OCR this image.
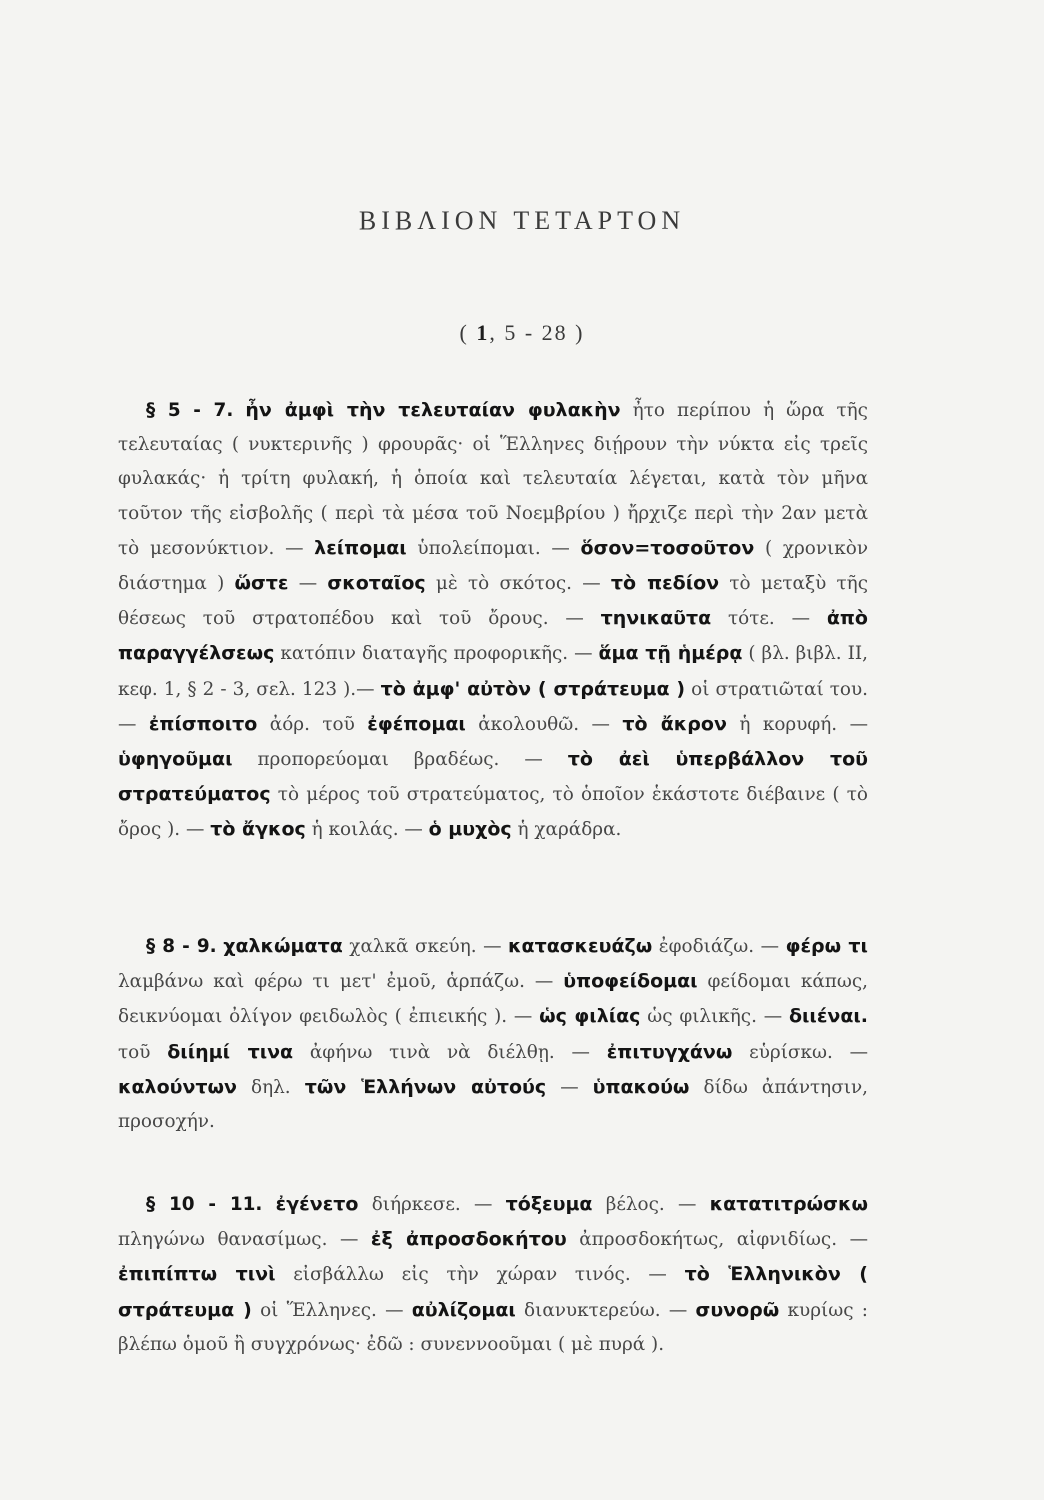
ΒΙΒΛΙΟΝ ΤΕΤΑΡΤΟΝ
( 1, 5 - 28 )

§ 5 - 7. ἦν ἀμφὶ τὴν τελευταίαν φυλακὴν ἦτο περίπου ἡ ὥρα τῆς τελευταίας ( νυκτερινῆς ) φρουρᾶς· οἱ Ἕλληνες διῄρουν τὴν νύκτα εἰς τρεῖς φυλακάς· ἡ τρίτη φυλακή, ἡ ὁποία καὶ τελευταία λέγεται, κατὰ τὸν μῆνα τοῦτον τῆς εἰσβολῆς ( περὶ τὰ μέσα τοῦ Νοεμβρίου ) ἤρχιζε περὶ τὴν 2αν μετὰ τὸ μεσονύκτιον. — λείπομαι ὑπολείπομαι. — ὅσον=τοσοῦτον ( χρονικὸν διάστημα ) ὥστε — σκοταῖος μὲ τὸ σκότος. — τὸ πεδίον τὸ μεταξὺ τῆς θέσεως τοῦ στρατοπέδου καὶ τοῦ ὄρους. — τηνικαῦτα τότε. — ἀπὸ παραγγέλσεως κατόπιν διαταγῆς προφορικῆς. — ἅμα τῇ ἡμέρᾳ ( βλ. βιβλ. II, κεφ. 1, § 2 - 3, σελ. 123 ).— τὸ ἀμφ' αὐτὸν ( στράτευμα ) οἱ στρατιῶταί του. — ἐπίσποιτο ἀόρ. τοῦ ἐφέπομαι ἀκολουθῶ. — τὸ ἄκρον ἡ κορυφή. — ὑφηγοῦμαι προπορεύομαι βραδέως. — τὸ ἀεὶ ὑπερβάλλον τοῦ στρατεύματος τὸ μέρος τοῦ στρατεύματος, τὸ ὁποῖον ἑκάστοτε διέβαινε ( τὸ ὄρος ). — τὸ ἄγκος ἡ κοιλάς. — ὁ μυχὸς ἡ χαράδρα.

§ 8 - 9. χαλκώματα χαλκᾶ σκεύη. — κατασκευάζω ἐφοδιάζω. — φέρω τι λαμβάνω καὶ φέρω τι μετ' ἐμοῦ, ἁρπάζω. — ὑποφείδομαι φείδομαι κάπως, δεικνύομαι ὀλίγον φειδωλὸς ( ἐπιεικής ). — ὡς φιλίας ὡς φιλικῆς. — διιέναι. τοῦ διίημί τινα ἀφήνω τινὰ νὰ διέλθῃ. — ἐπιτυγχάνω εὑρίσκω. — καλούντων δηλ. τῶν Ἑλλήνων αὐτούς — ὑπακούω δίδω ἀπάντησιν, προσοχήν.

§ 10 - 11. ἐγένετο διήρκεσε. — τόξευμα βέλος. — κατατιτρώσκω πληγώνω θανασίμως. — ἐξ ἀπροσδοκήτου ἀπροσδοκήτως, αἰφνιδίως. — ἐπιπίπτω τινὶ εἰσβάλλω εἰς τὴν χώραν τινός. — τὸ Ἑλληνικὸν ( στράτευμα ) οἱ Ἕλληνες. — αὐλίζομαι διανυκτερεύω. — συνορῶ κυρίως : βλέπω ὁμοῦ ἢ συγχρόνως· ἐδῶ : συνεννοοῦμαι ( μὲ πυρά ).
